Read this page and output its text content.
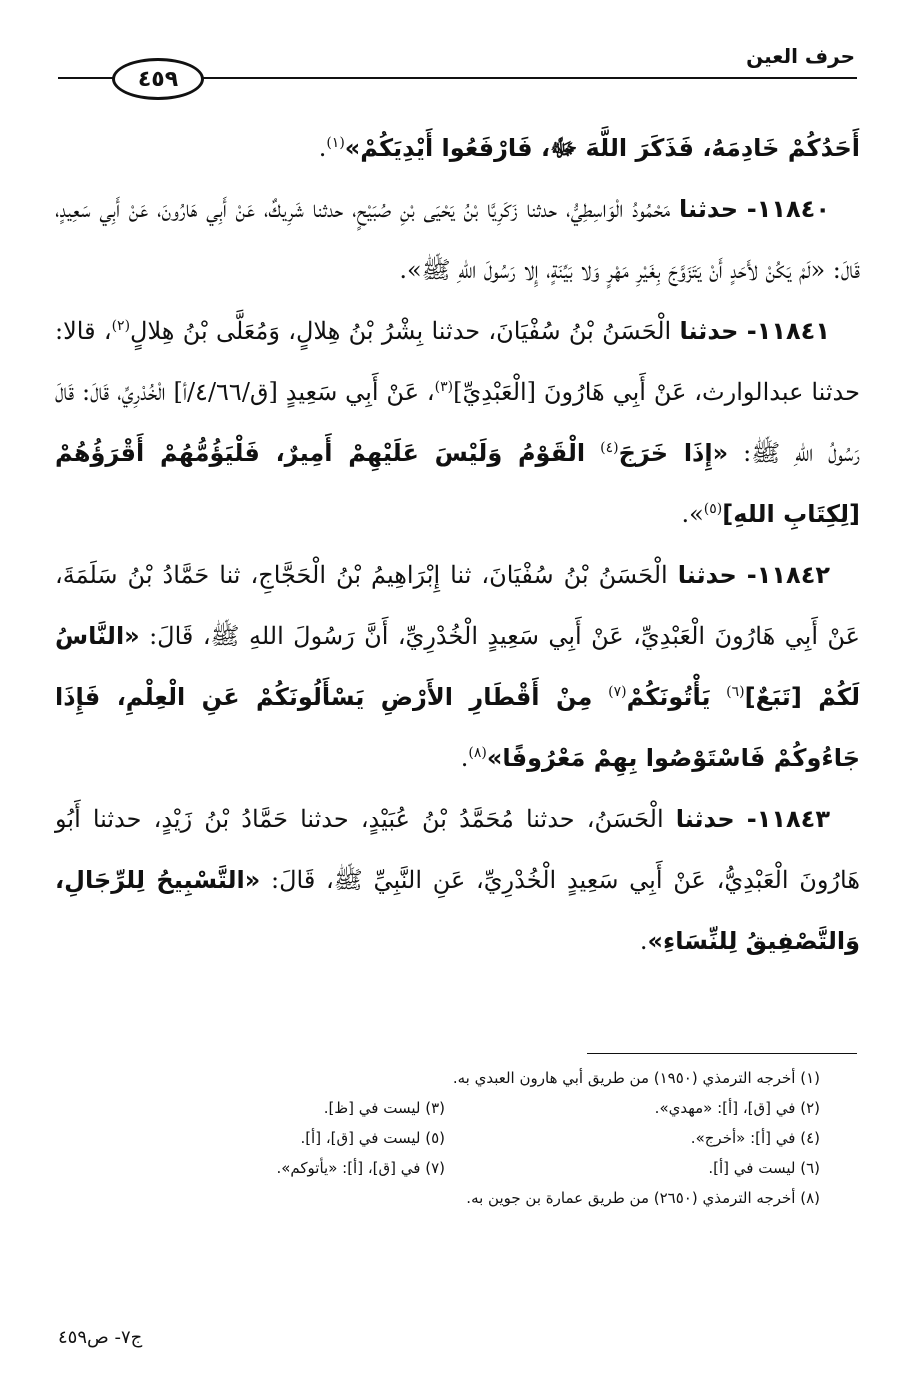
حرف العين
٤٥٩

أَحَدُكُمْ خَادِمَهُ، فَذَكَرَ اللَّهَ ﷻ، فَارْفَعُوا أَيْدِيَكُمْ»$^{(١)}$.

١١٨٤٠- حدثنا مَحْمُودُ الْوَاسِطِيُّ، حدثنا زَكَرِيَّا بْنُ يَحْيَى بْنِ صُبَيْحٍ، حدثنا شَرِيكٌ، عَنْ أَبِي هَارُونَ، عَنْ أَبِي سَعِيدٍ، قَالَ: «لَمْ يَكُنْ لأَحَدٍ أَنْ يَتَزَوَّجَ بِغَيْرِ مَهْرٍ وَلا بَيِّنَةٍ، إِلا رَسُولَ اللهِ ﷺ».

١١٨٤١- حدثنا الْحَسَنُ بْنُ سُفْيَانَ، حدثنا بِشْرُ بْنُ هِلالٍ، وَمُعَلَّى بْنُ هِلالٍ$^{(٢)}$، قالا: حدثنا عبدالوارث، عَنْ أَبِي هَارُونَ [الْعَبْدِيِّ]$^{(٣)}$، عَنْ أَبِي سَعِيدٍ [ق/٤/٦٦/أ] الْخُدْرِيِّ، قَالَ: قَالَ رَسُولُ اللهِ ﷺ: «إِذَا خَرَجَ$^{(٤)}$ الْقَوْمُ وَلَيْسَ عَلَيْهِمْ أَمِيرٌ، فَلْيَؤُمُّهُمْ أَقْرَؤُهُمْ [لِكِتَابِ اللهِ]$^{(٥)}$».

١١٨٤٢- حدثنا الْحَسَنُ بْنُ سُفْيَانَ، ثنا إِبْرَاهِيمُ بْنُ الْحَجَّاجِ، ثنا حَمَّادُ بْنُ سَلَمَةَ، عَنْ أَبِي هَارُونَ الْعَبْدِيِّ، عَنْ أَبِي سَعِيدٍ الْخُدْرِيِّ، أَنَّ رَسُولَ اللهِ ﷺ، قَالَ: «النَّاسُ لَكُمْ [تَبَعٌ]$^{(٦)}$ يَأْتُونَكُمْ$^{(٧)}$ مِنْ أَقْطَارِ الأَرْضِ يَسْأَلُونَكُمْ عَنِ الْعِلْمِ، فَإِذَا جَاءُوكُمْ فَاسْتَوْصُوا بِهِمْ مَعْرُوفًا»$^{(٨)}$.

١١٨٤٣- حدثنا الْحَسَنُ، حدثنا مُحَمَّدُ بْنُ عُبَيْدٍ، حدثنا حَمَّادُ بْنُ زَيْدٍ، حدثنا أَبُو هَارُونَ الْعَبْدِيُّ، عَنْ أَبِي سَعِيدٍ الْخُدْرِيِّ، عَنِ النَّبِيِّ ﷺ، قَالَ: «التَّسْبِيحُ لِلرِّجَالِ، وَالتَّصْفِيقُ لِلنِّسَاءِ».

(١) أخرجه الترمذي (١٩٥٠) من طريق أبي هارون العبدي به.
(٢) في [ق]، [أ]: «مهدي».
(٣) ليست في [ظ].
(٤) في [أ]: «أخرج».
(٥) ليست في [ق]، [أ].
(٦) ليست في [أ].
(٧) في [ق]، [أ]: «يأتوكم».
(٨) أخرجه الترمذي (٢٦٥٠) من طريق عمارة بن جوين به.
ج٧- ص٤٥٩
